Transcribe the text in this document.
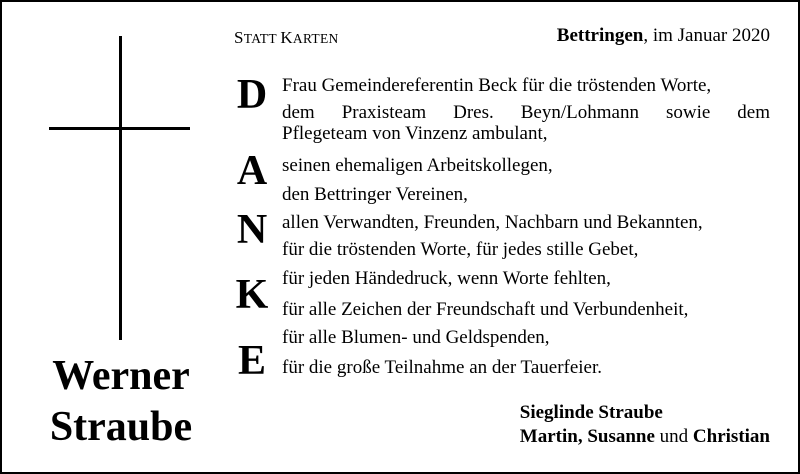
Werner
Straube
STATT KARTEN	Bettringen, im Januar 2020
D
A
N
K
E
Frau Gemeindereferentin Beck für die tröstenden Worte,
dem Praxisteam Dres. Beyn/Lohmann sowie dem
Pflegeteam von Vinzenz ambulant,
seinen ehemaligen Arbeitskollegen,
den Bettringer Vereinen,
allen Verwandten, Freunden, Nachbarn und Bekannten,
für die tröstenden Worte, für jedes stille Gebet,
für jeden Händedruck, wenn Worte fehlten,
für alle Zeichen der Freundschaft und Verbundenheit,
für alle Blumen- und Geldspenden,
für die große Teilnahme an der Tauerfeier.
Sieglinde Straube
Martin, Susanne und Christian
